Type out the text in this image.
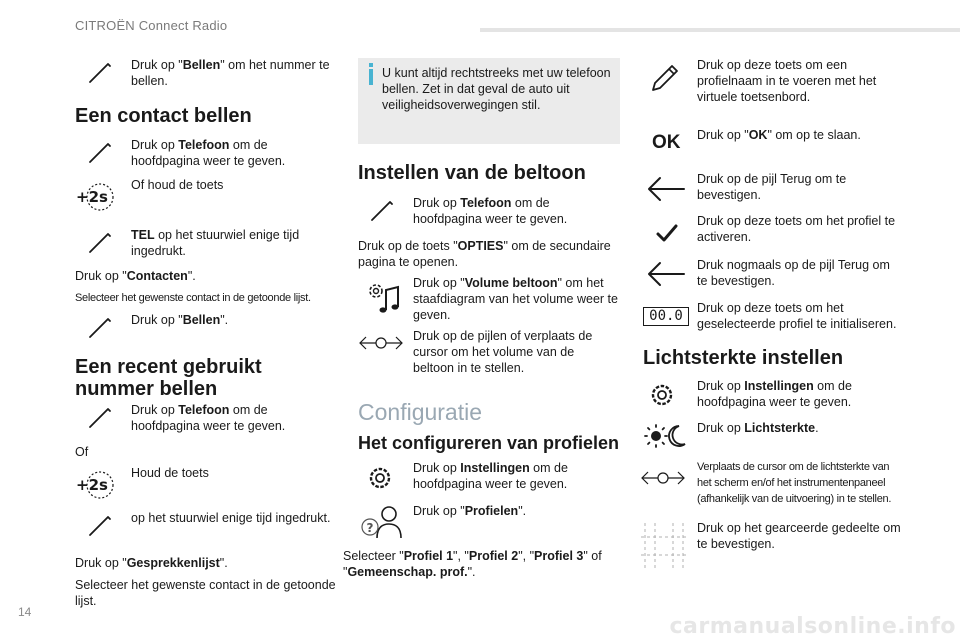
CITROËN Connect Radio
14

Druk op "Bellen" om het nummer te bellen.

Een contact bellen

Druk op Telefoon om de hoofdpagina weer te geven.

+2s

Of houd de toets

TEL op het stuurwiel enige tijd ingedrukt.

Druk op "Contacten".

Selecteer het gewenste contact in de getoonde lijst.

Druk op "Bellen".

Een recent gebruikt nummer bellen

Druk op Telefoon om de hoofdpagina weer te geven.

Of

+2s

Houd de toets

op het stuurwiel enige tijd ingedrukt.

Druk op "Gesprekkenlijst".

Selecteer het gewenste contact in de getoonde lijst.

U kunt altijd rechtstreeks met uw telefoon bellen. Zet in dat geval de auto uit veiligheidsoverwegingen stil.

Instellen van de beltoon

Druk op Telefoon om de hoofdpagina weer te geven.

Druk op de toets "OPTIES" om de secundaire pagina te openen.

Druk op "Volume beltoon" om het staafdiagram van het volume weer te geven.

Druk op de pijlen of verplaats de cursor om het volume van de beltoon in te stellen.

Configuratie
Het configureren van profielen

Druk op Instellingen om de hoofdpagina weer te geven.

?

Druk op "Profielen".

Selecteer "Profiel 1", "Profiel 2", "Profiel 3" of "Gemeenschap. prof.".

Druk op deze toets om een profielnaam in te voeren met het virtuele toetsenbord.

OK Druk op "OK" om op te slaan.

Druk op de pijl Terug om te bevestigen.

Druk op deze toets om het profiel te activeren.

Druk nogmaals op de pijl Terug om te bevestigen.

00.0	Druk op deze toets om het geselecteerde profiel te initialiseren.

Lichtsterkte instellen

Druk op Instellingen om de hoofdpagina weer te geven.

Druk op Lichtsterkte.

Verplaats de cursor om de lichtsterkte van het scherm en/of het instrumentenpaneel (afhankelijk van de uitvoering) in te stellen.

Druk op het gearceerde gedeelte om te bevestigen.

carmanualsonline.info
